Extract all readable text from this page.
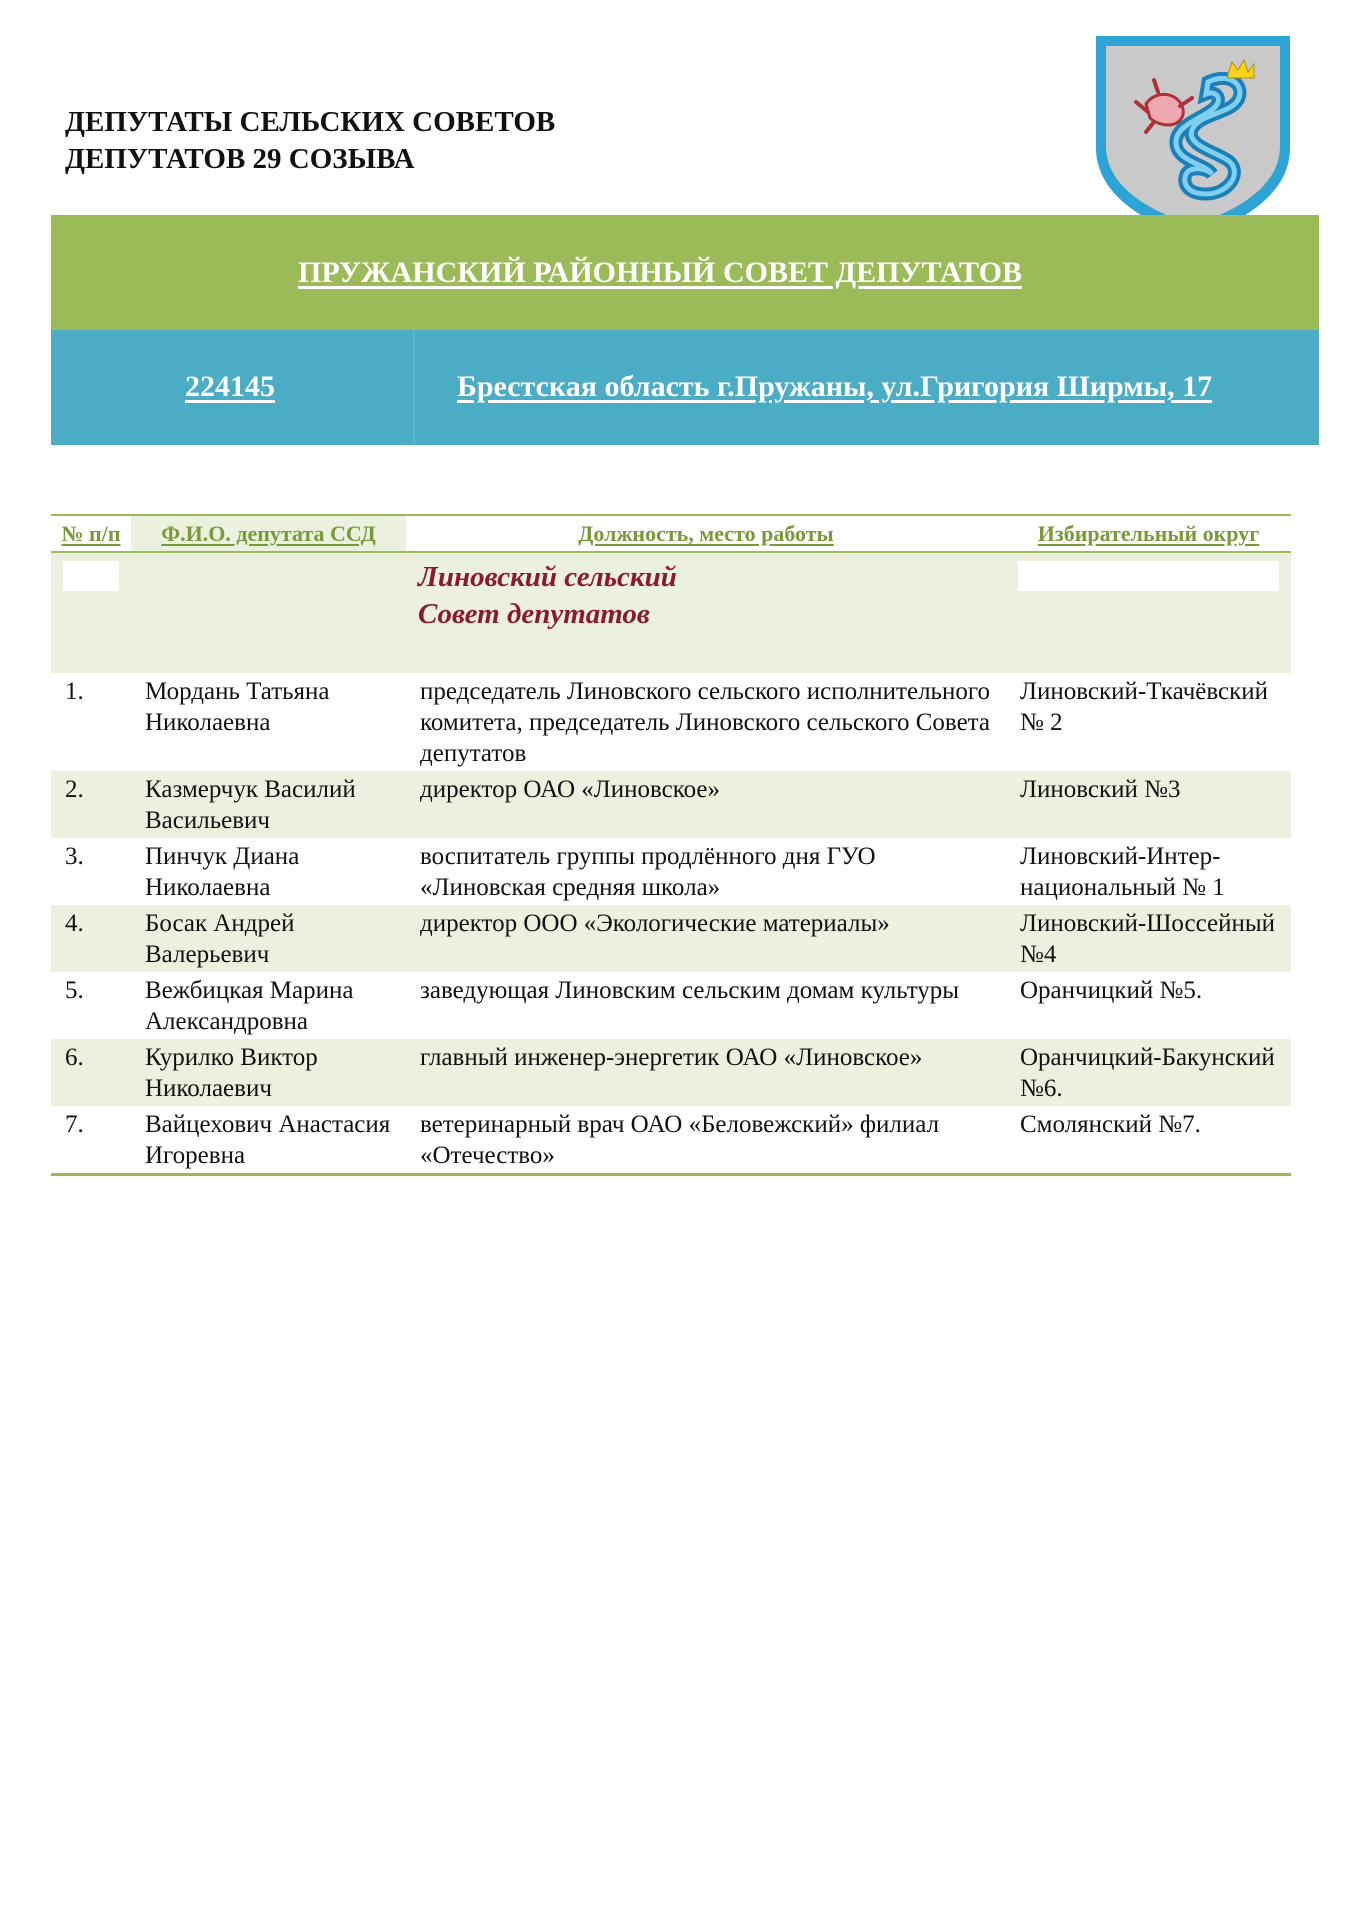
ДЕПУТАТЫ СЕЛЬСКИХ СОВЕТОВ
ДЕПУТАТОВ 29 СОЗЫВА
ПРУЖАНСКИЙ РАЙОННЫЙ СОВЕТ ДЕПУТАТОВ
224145	Брестская область г.Пружаны, ул.Григория Ширмы, 17
№ п/п	Ф.И.О. депутата ССД	Должность, место работы	Избирательный округ

		Линовский сельский
Совет депутатов	

1.	Мордань Татьяна Николаевна	председатель Линовского сельского исполнительного комитета, председатель Линовского сельского Совета депутатов	Линовский-Ткачёвский № 2
2.	Казмерчук Василий Васильевич	директор ОАО «Линовское»	Линовский №3
3.	Пинчук Диана Николаевна	воспитатель группы продлённого дня ГУО «Линовская средняя школа»	Линовский-Интер-национальный № 1
4.	Босак Андрей Валерьевич	директор ООО «Экологические материалы»	Линовский-Шоссейный №4
5.	Вежбицкая Марина Александровна	заведующая Линовским сельским домам культуры	Оранчицкий №5.
6.	Курилко Виктор Николаевич	главный инженер-энергетик ОАО «Линовское»	Оранчицкий-Бакунский №6.
7.	Вайцехович Анастасия Игоревна	ветеринарный врач ОАО «Беловежский» филиал «Отечество»	Смолянский №7.
